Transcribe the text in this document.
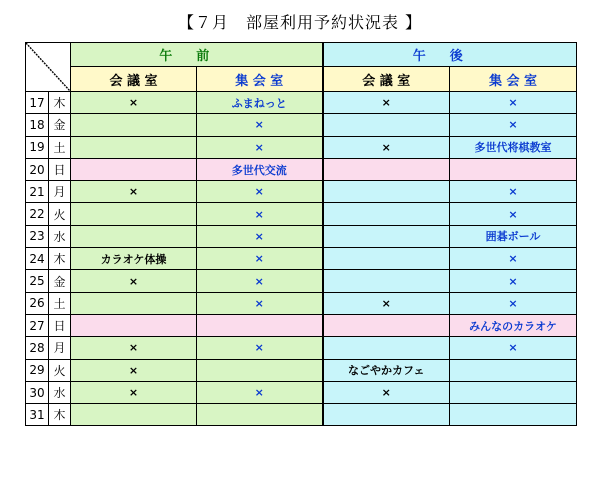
【７月　部屋利用予約状況表 】
	午前		午後	
		会 議 室	集 会 室	会 議 室	集 会 室
17	木	×	ふまねっと	×	×
18	金		×		×
19	土		×	×	多世代将棋教室
20	日		多世代交流		
21	月	×	×		×
22	火		×		×
23	水		×		囲碁ボール
24	木	カラオケ体操	×		×
25	金	×	×		×
26	土		×	×	×
27	日				みんなのカラオケ
28	月	×	×		×
29	火	×		なごやかカフェ	
30	水	×	×	×	
31	木				
